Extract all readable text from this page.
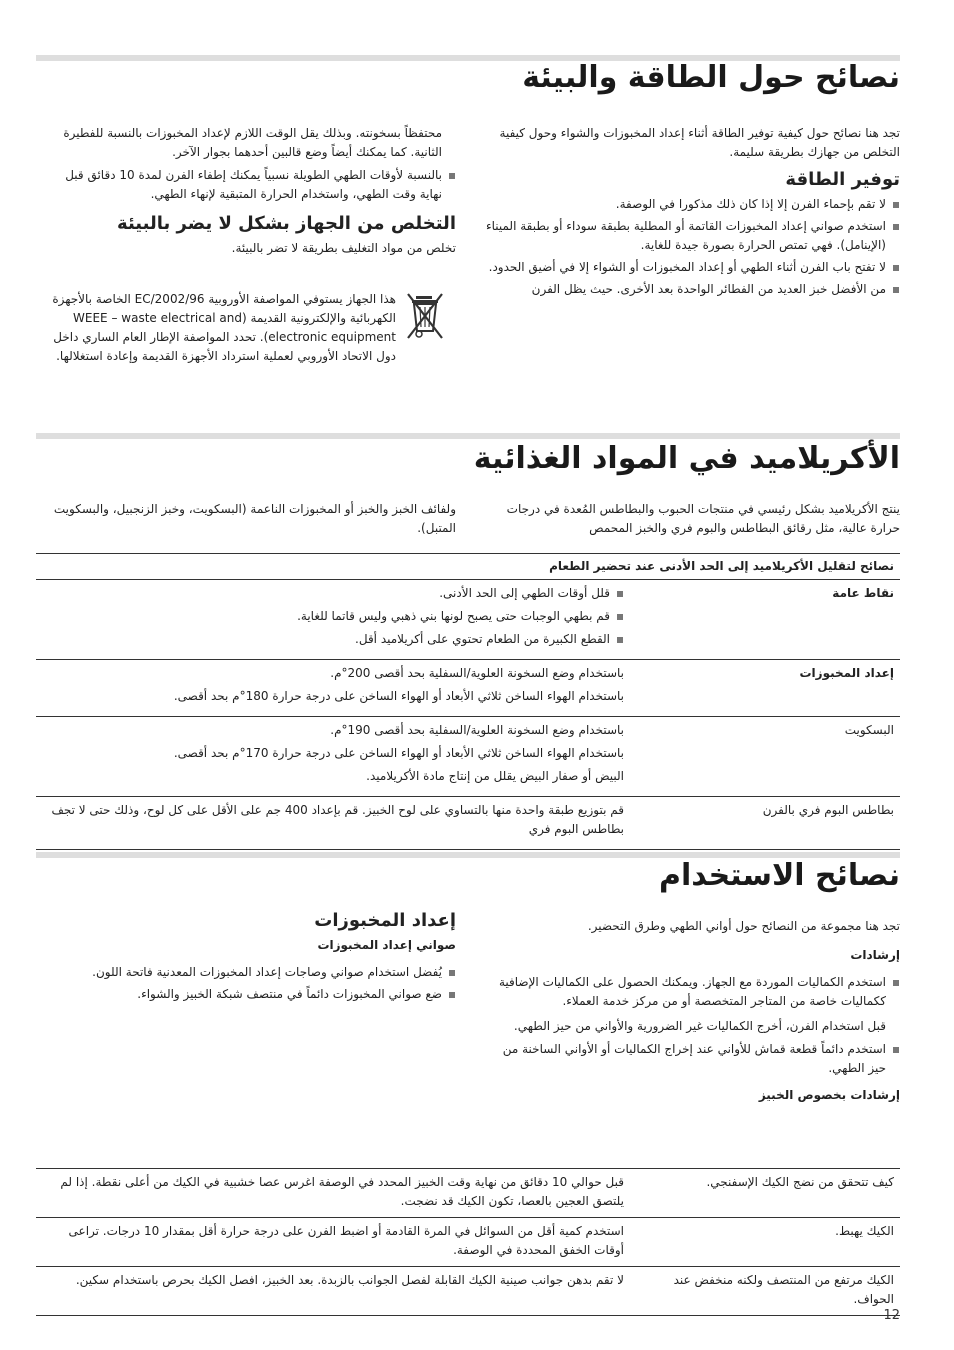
نصائح حول الطاقة والبيئة

تجد هنا نصائح حول كيفية توفير الطاقة أثناء إعداد المخبوزات والشواء وحول كيفية التخلص من جهازك بطريقة سليمة.

توفير الطاقة
لا تقم بإحماء الفرن إلا إذا كان ذلك مذكورا في الوصفة.
استخدم صواني إعداد المخبوزات القاتمة أو المطلية بطبقة سوداء أو بطبقة الميناء (الإينامل). فهي تمتص الحرارة بصورة جيدة للغاية.
لا تفتح باب الفرن أثناء الطهي أو إعداد المخبوزات أو الشواء إلا في أضيق الحدود.
من الأفضل خبز العديد من الفطائر الواحدة بعد الأخرى. حيث يظل الفرن
محتفظاً بسخونته. وبذلك يقل الوقت اللازم لإعداد المخبوزات بالنسبة للفطيرة الثانية. كما يمكنك أيضاً وضع قالبين أحدهما بجوار الآخر.
بالنسبة لأوقات الطهي الطويلة نسبياً يمكنك إطفاء الفرن لمدة 10 دقائق قبل نهاية وقت الطهي، واستخدام الحرارة المتبقية لإنهاء الطهي.
التخلص من الجهاز بشكل لا يضر بالبيئة

تخلص من مواد التغليف بطريقة لا تضر بالبيئة.

هذا الجهاز يستوفي المواصفة الأوروبية 2002/96/EC الخاصة بالأجهزة الكهربائية والإلكترونية القديمة (WEEE – waste electrical and electronic equipment). تحدد المواصفة الإطار العام الساري داخل دول الاتحاد الأوروبي لعملية استرداد الأجهزة القديمة وإعادة استغلالها.
الأكريلاميد في المواد الغذائية
ينتج الأكريلاميد بشكل رئيسي في منتجات الحبوب والبطاطس المُعدة في درجات حرارة عالية، مثل رقائق البطاطس والبوم فري والخبز المحمص
ولفائف الخبز والخبز أو المخبوزات الناعمة (البسكويت، وخبز الزنجبيل، والبسكويت المتبل).
نصائح لتقليل الأكريلاميد إلى الحد الأدنى عند تحضير الطعام	
نقاط عامة	قلل أوقات الطهي إلى الحد الأدنى.
قم بطهي الوجبات حتى يصبح لونها بني ذهبي وليس قاتما للغاية.
القطع الكبيرة من الطعام تحتوي على أكريلاميد أقل.

إعداد المخبوزات	باستخدام وضع السخونة العلوية/السفلية بحد أقصى 200°م.
باستخدام الهواء الساخن ثلاثي الأبعاد أو الهواء الساخن على درجة حرارة 180°م بحد أقصى.

البسكويت	باستخدام وضع السخونة العلوية/السفلية بحد أقصى 190°م.
باستخدام الهواء الساخن ثلاثي الأبعاد أو الهواء الساخن على درجة حرارة 170°م بحد أقصى.
البيض أو صفار البيض يقلل من إنتاج مادة الأكريلاميد.

بطاطس البوم فري بالفرن	قم بتوزيع طبقة واحدة منها بالتساوي على لوح الخبيز. قم بإعداد 400 جم على الأقل على كل لوح، وذلك حتى لا تجف بطاطس البوم فري
نصائح الاستخدام

تجد هنا مجموعة من النصائح حول أواني الطهي وطرق التحضير.

إرشادات
استخدم الكماليات الموردة مع الجهاز. ويمكنك الحصول على الكماليات الإضافية ككماليات خاصة من المتاجر المتخصصة أو من مركز خدمة العملاء.
قبل استخدام الفرن، أخرج الكماليات غير الضرورية والأواني من حيز الطهي.
استخدم دائماً قطعة قماش للأواني عند إخراج الكماليات أو الأواني الساخنة من حيز الطهي.
إرشادات بخصوص الخبيز
إعداد المخبوزات
صواني إعداد المخبوزات
يُفضل استخدام صواني وصاجات إعداد المخبوزات المعدنية فاتحة اللون.
ضع صواني المخبوزات دائماً في منتصف شبكة الخبيز والشواء.
كيف تتحقق من نضج الكيك الإسفنجي.	قبل حوالي 10 دقائق من نهاية وقت الخبيز المحدد في الوصفة اغرس عصا خشبية في الكيك من أعلى نقطة. إذا لم يلتصق العجين بالعصا، تكون الكيك قد نضجت.
الكيك يهبط.	استخدم كمية أقل من السوائل في المرة القادمة أو اضبط الفرن على درجة حرارة أقل بمقدار 10 درجات. تراعى أوقات الخفق المحددة في الوصفة.
الكيك مرتفع من المنتصف ولكنه منخفض عند الحواف.	لا تقم بدهن جوانب صينية الكيك القابلة لفصل الجوانب بالزبدة. بعد الخبيز، افصل الكيك بحرص باستخدام سكين.
12
